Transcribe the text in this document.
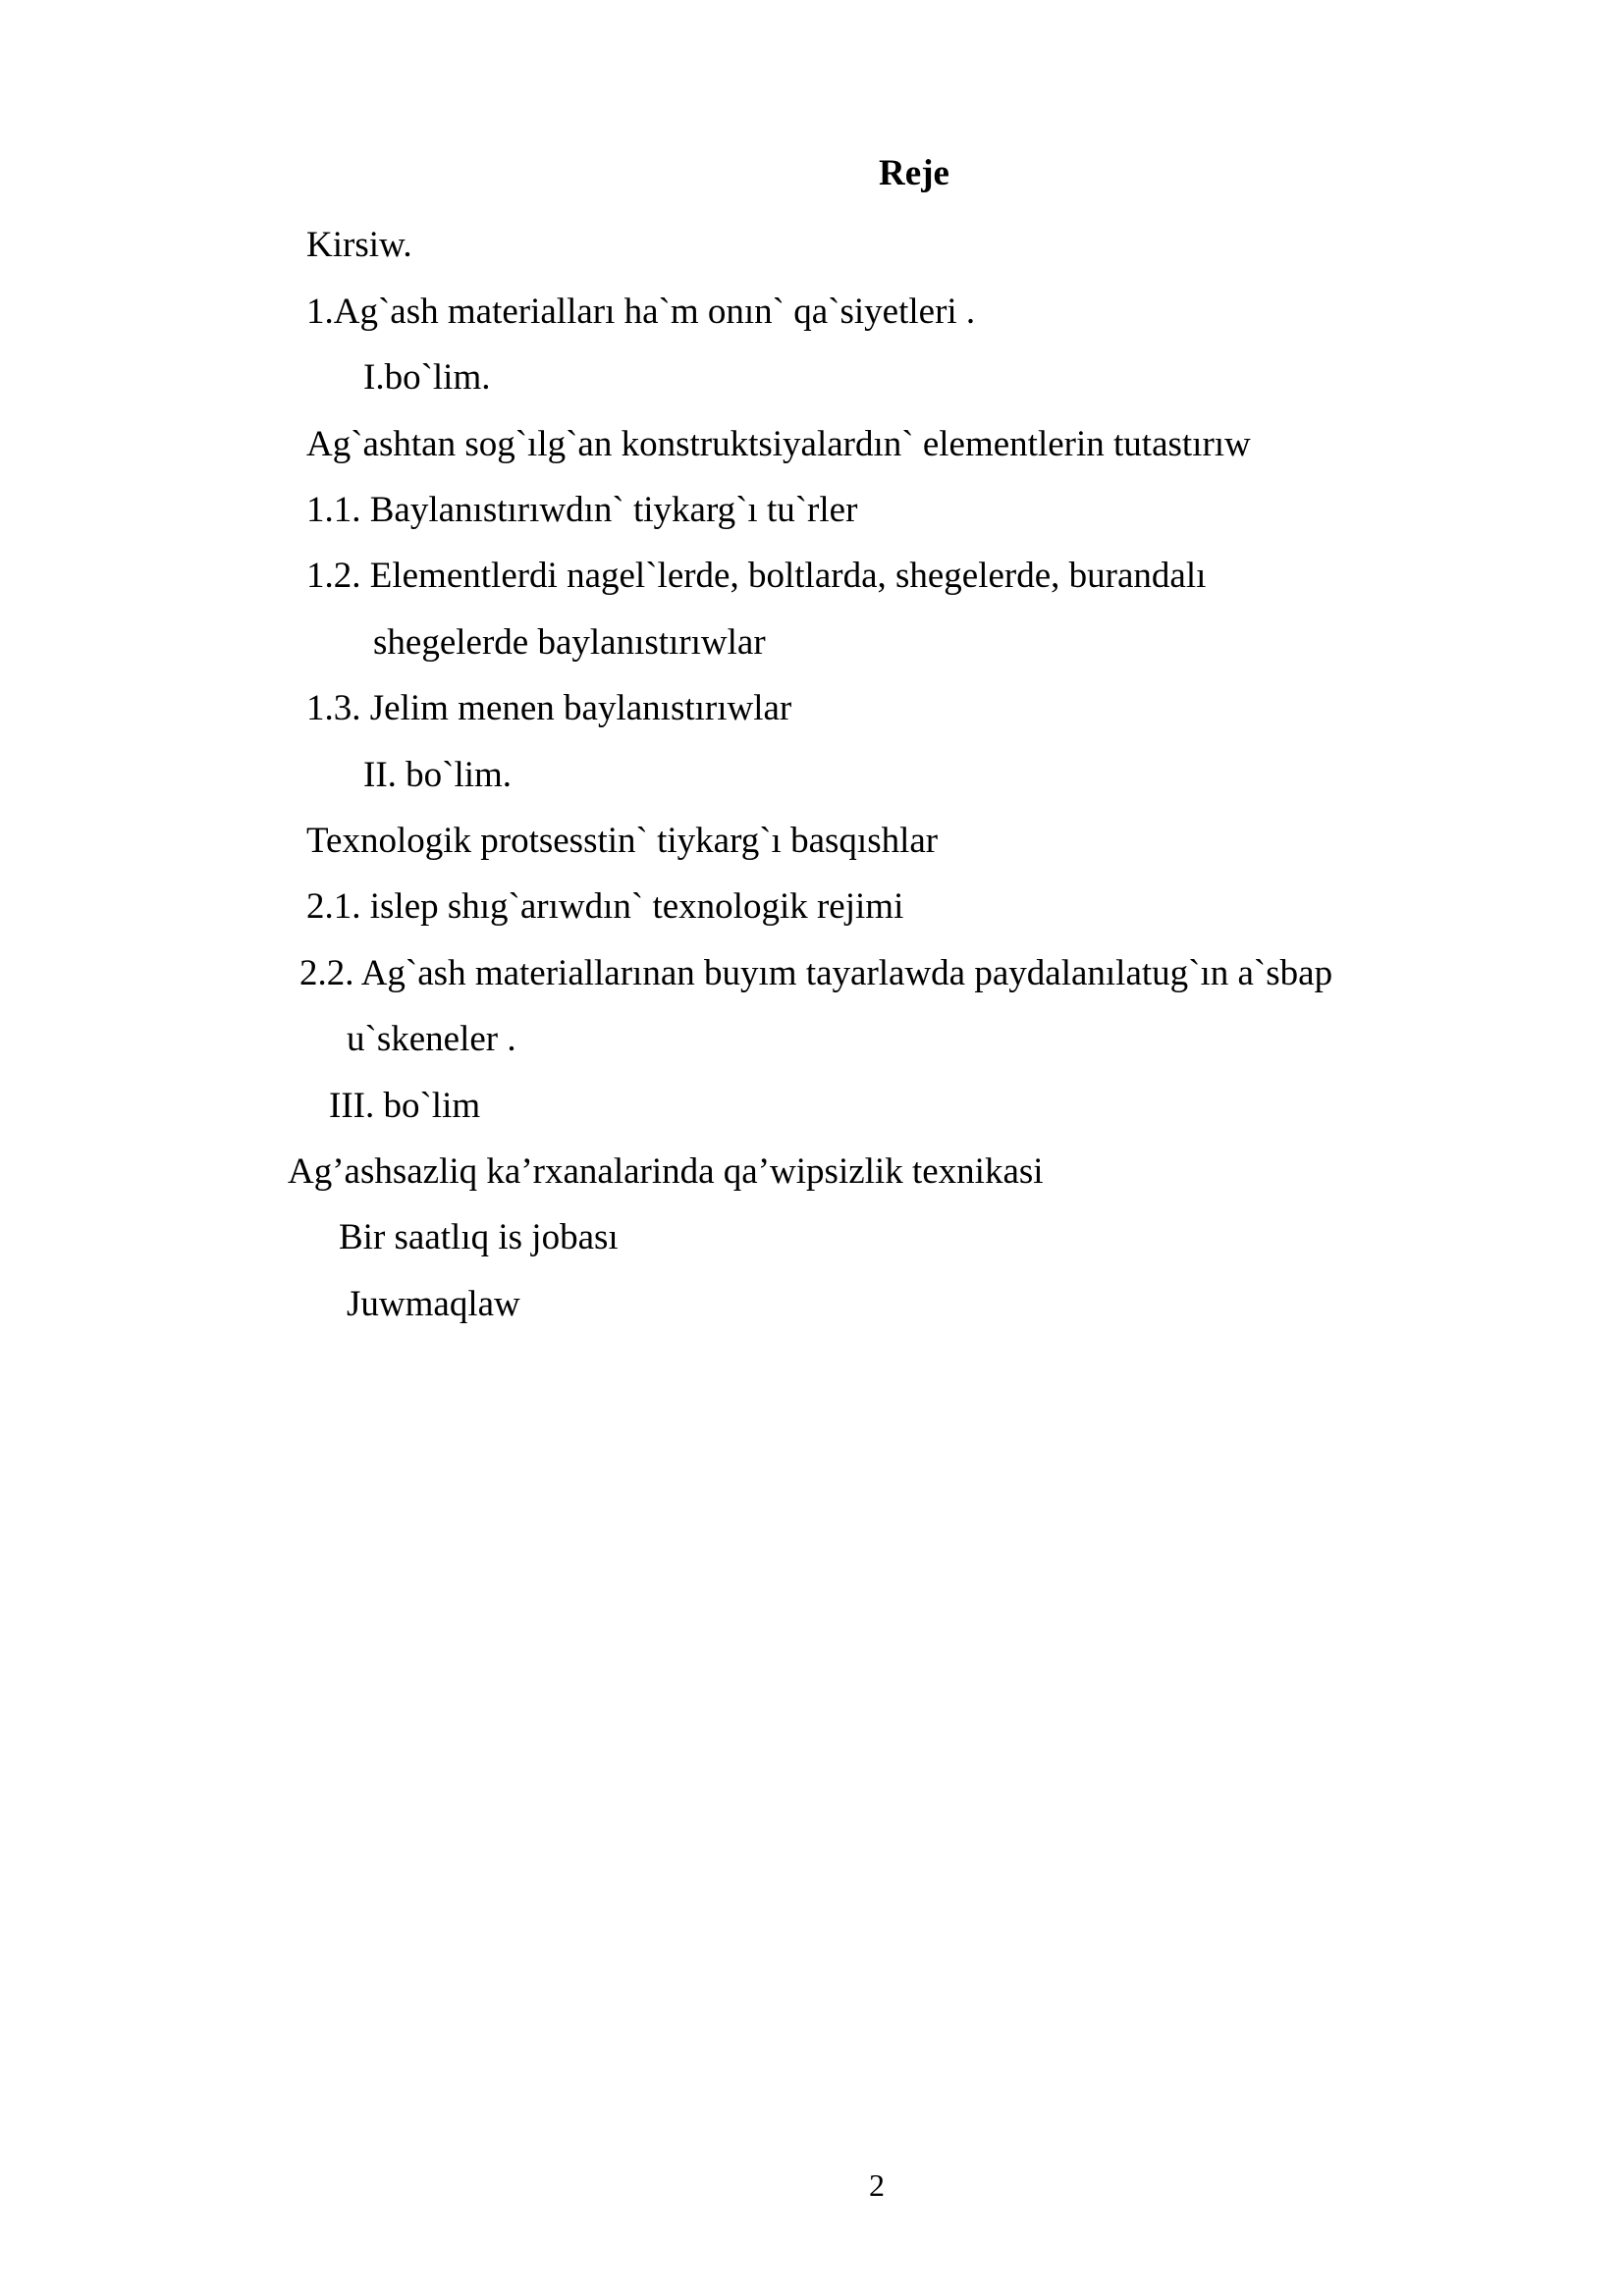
Reje
Kirsiw.
1.Ag`ash materialları ha`m onın` qa`siyetleri .
I.bo`lim.
Ag`ashtan sog`ılg`an konstruktsiyalardın` elementlerin tutastırıw
1.1. Baylanıstırıwdın` tiykarg`ı tu`rler
1.2. Elementlerdi nagel`lerde, boltlarda, shegelerde, burandalı
shegelerde baylanıstırıwlar
1.3. Jelim menen baylanıstırıwlar
II. bo`lim.
Texnologik protsesstin` tiykarg`ı basqıshlar
2.1. islep shıg`arıwdın` texnologik rejimi
2.2. Ag`ash materiallarınan buyım tayarlawda paydalanılatug`ın a`sbap
u`skeneler .
III. bo`lim
Ag’ashsazliq ka’rxanalarinda qa’wipsizlik texnikasi
Bir saatlıq is jobası
Juwmaqlaw
2
